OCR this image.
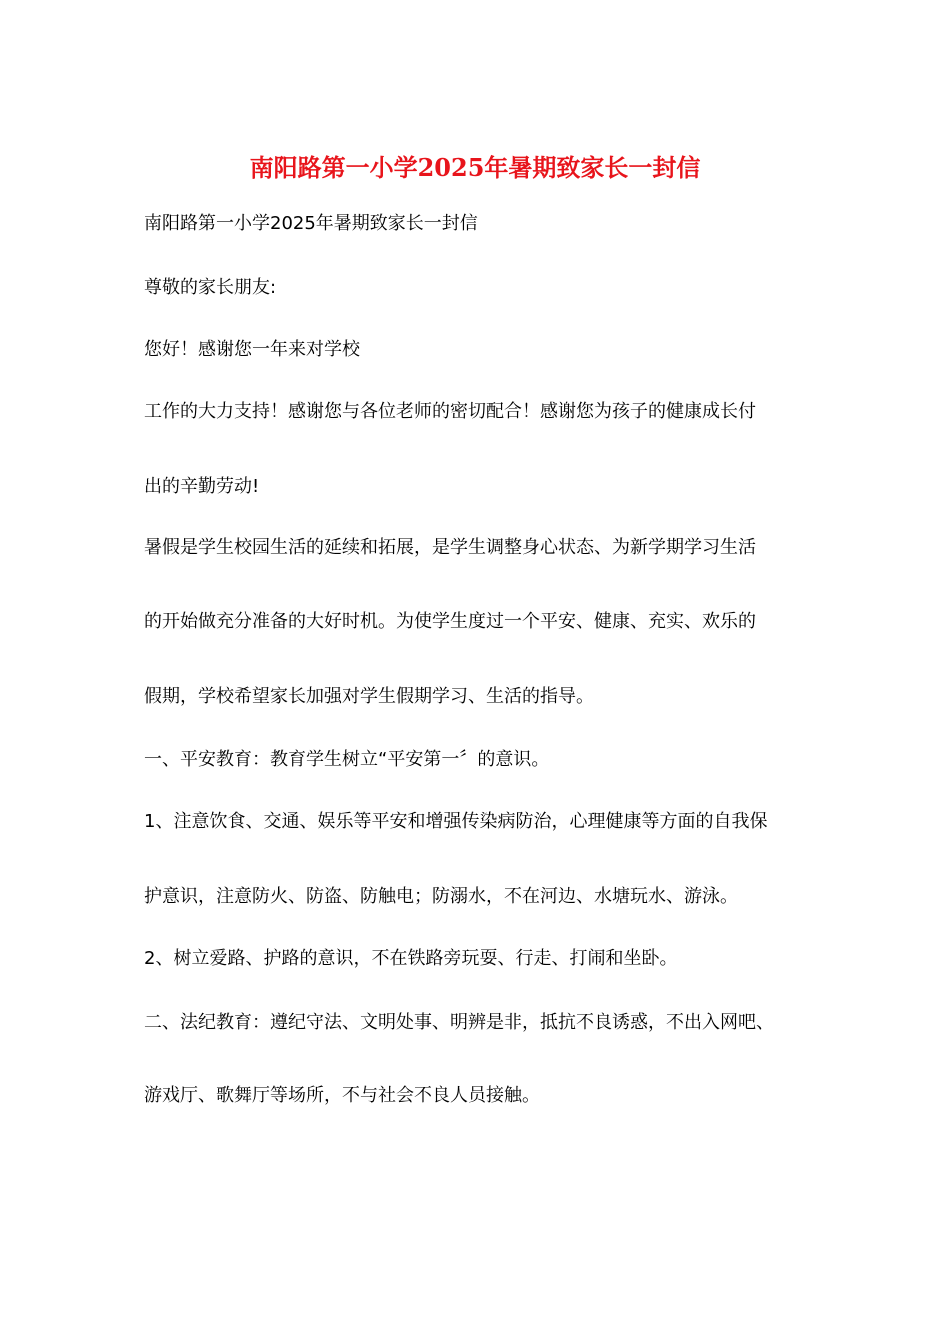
南阳路第一小学2025年暑期致家长一封信
南阳路第一小学2025年暑期致家长一封信
尊敬的家长朋友:
您好！感谢您一年来对学校
工作的大力支持！感谢您与各位老师的密切配合！感谢您为孩子的健康成长付
出的辛勤劳动!
暑假是学生校园生活的延续和拓展，是学生调整身心状态、为新学期学习生活
的开始做充分准备的大好时机。为使学生度过一个平安、健康、充实、欢乐的
假期，学校希望家长加强对学生假期学习、生活的指导。
一、平安教育：教育学生树立“平安第一〞的意识。
1、注意饮食、交通、娱乐等平安和增强传染病防治，心理健康等方面的自我保
护意识，注意防火、防盗、防触电；防溺水，不在河边、水塘玩水、游泳。
2、树立爱路、护路的意识，不在铁路旁玩耍、行走、打闹和坐卧。
二、法纪教育：遵纪守法、文明处事、明辨是非，抵抗不良诱惑，不出入网吧、
游戏厅、歌舞厅等场所，不与社会不良人员接触。
